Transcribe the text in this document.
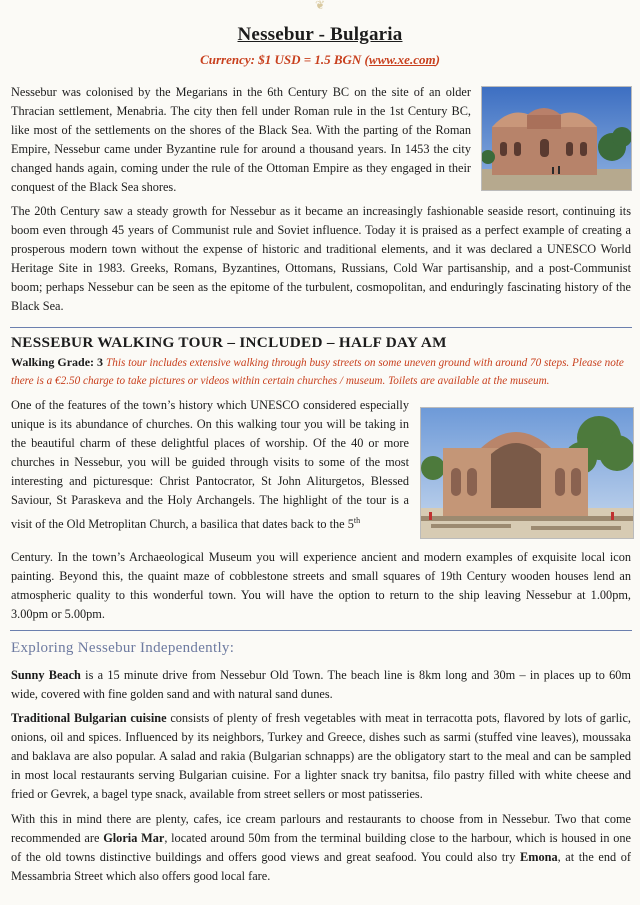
❦
Nessebur - Bulgaria
Currency: $1 USD = 1.5 BGN (www.xe.com)

Nessebur was colonised by the Megarians in the 6th Century BC on the site of an older Thracian settlement, Menabria. The city then fell under Roman rule in the 1st Century BC, like most of the settlements on the shores of the Black Sea. With the parting of the Roman Empire, Nessebur came under Byzantine rule for around a thousand years. In 1453 the city changed hands again, coming under the rule of the Ottoman Empire as they engaged in their conquest of the Black Sea shores.

The 20th Century saw a steady growth for Nessebur as it became an increasingly fashionable seaside resort, continuing its boom even through 45 years of Communist rule and Soviet influence. Today it is praised as a perfect example of creating a prosperous modern town without the expense of historic and traditional elements, and it was declared a UNESCO World Heritage Site in 1983. Greeks, Romans, Byzantines, Ottomans, Russians, Cold War partisanship, and a post-Communist boom; perhaps Nessebur can be seen as the epitome of the turbulent, cosmopolitan, and enduringly fascinating history of the Black Sea.

NESSEBUR WALKING TOUR – INCLUDED – HALF DAY AM

Walking Grade: 3 This tour includes extensive walking through busy streets on some uneven ground with around 70 steps. Please note there is a €2.50 charge to take pictures or videos within certain churches / museum. Toilets are available at the museum.

One of the features of the town’s history which UNESCO considered especially unique is its abundance of churches. On this walking tour you will be taking in the beautiful charm of these delightful places of worship. Of the 40 or more churches in Nessebur, you will be guided through visits to some of the most interesting and picturesque: Christ Pantocrator, St John Aliturgetos, Blessed Saviour, St Paraskeva and the Holy Archangels. The highlight of the tour is a visit of the Old Metroplitan Church, a basilica that dates back to the 5th

Century. In the town’s Archaeological Museum you will experience ancient and modern examples of exquisite local icon painting. Beyond this, the quaint maze of cobblestone streets and small squares of 19th Century wooden houses lend an atmospheric quality to this wonderful town. You will have the option to return to the ship leaving Nessebur at 1.00pm, 3.00pm or 5.00pm.

Exploring Nessebur Independently:

Sunny Beach is a 15 minute drive from Nessebur Old Town. The beach line is 8km long and 30m – in places up to 60m wide, covered with fine golden sand and with natural sand dunes.

Traditional Bulgarian cuisine consists of plenty of fresh vegetables with meat in terracotta pots, flavored by lots of garlic, onions, oil and spices. Influenced by its neighbors, Turkey and Greece, dishes such as sarmi (stuffed vine leaves), moussaka and baklava are also popular. A salad and rakia (Bulgarian schnapps) are the obligatory start to the meal and can be sampled in most local restaurants serving Bulgarian cuisine. For a lighter snack try banitsa, filo pastry filled with white cheese and fried or Gevrek, a bagel type snack, available from street sellers or most patisseries.

With this in mind there are plenty, cafes, ice cream parlours and restaurants to choose from in Nessebur. Two that come recommended are Gloria Mar, located around 50m from the terminal building close to the harbour, which is housed in one of the old towns distinctive buildings and offers good views and great seafood. You could also try Emona, at the end of Messambria Street which also offers good local fare.
